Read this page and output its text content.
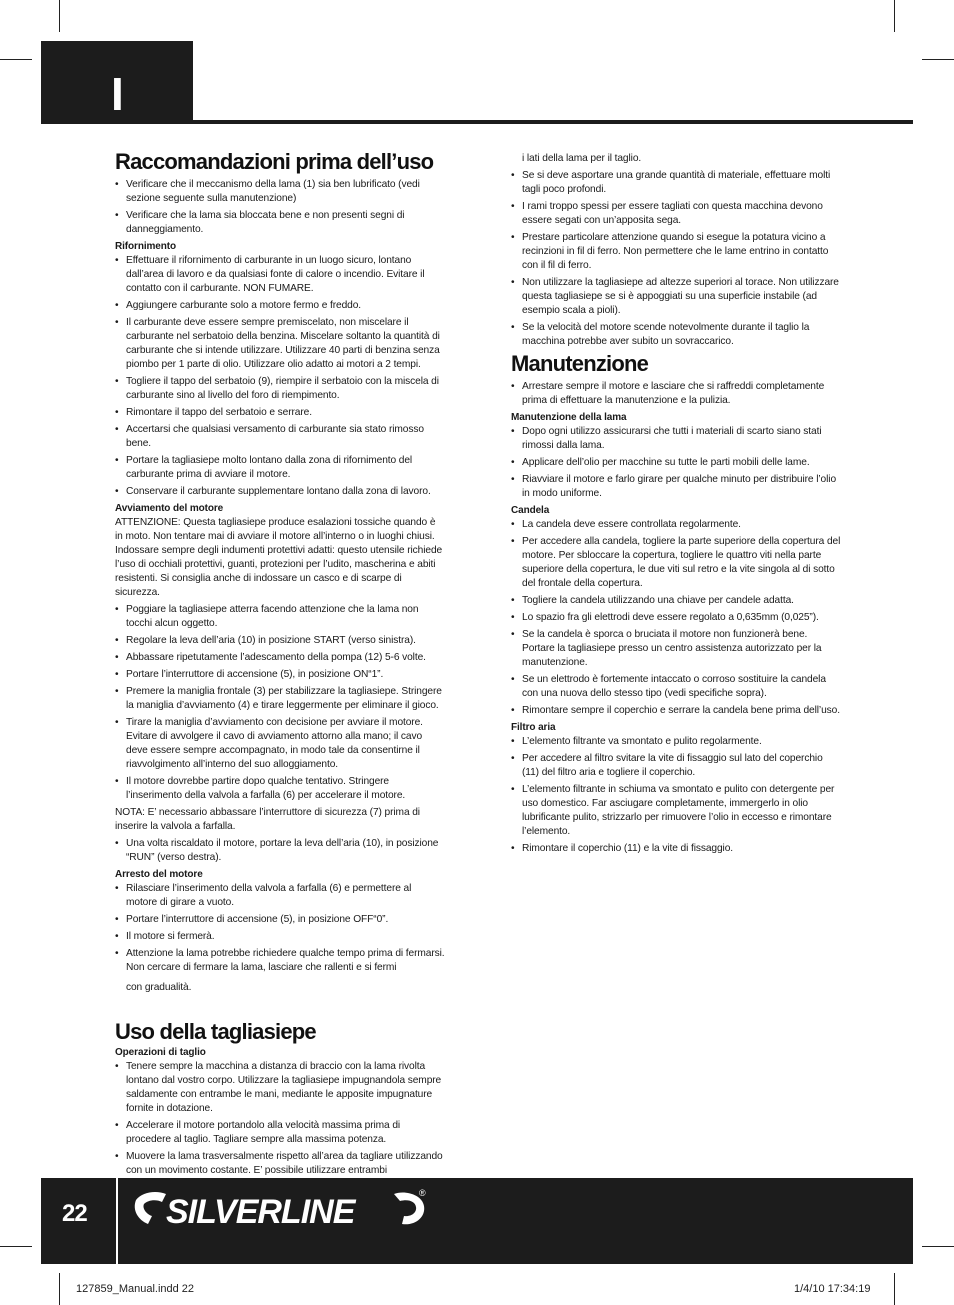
I
Raccomandazioni prima dell’uso
• Verificare che il meccanismo della lama (1) sia ben lubrificato (vedi sezione seguente sulla manutenzione)
• Verificare che la lama sia bloccata bene e non presenti segni di danneggiamento.
Rifornimento
• Effettuare il rifornimento di carburante in un luogo sicuro, lontano dall’area di lavoro e da qualsiasi fonte di calore o incendio. Evitare il contatto con il carburante. NON FUMARE.
• Aggiungere carburante solo a motore fermo e freddo.
• Il carburante deve essere sempre premiscelato, non miscelare il carburante nel serbatoio della benzina. Miscelare soltanto la quantità di carburante che si intende utilizzare. Utilizzare 40 parti di benzina senza piombo per 1 parte di olio. Utilizzare olio adatto ai motori a 2 tempi.
• Togliere il tappo del serbatoio (9), riempire il serbatoio con la miscela di carburante sino al livello del foro di riempimento.
• Rimontare il tappo del serbatoio e serrare.
• Accertarsi che qualsiasi versamento di carburante sia stato rimosso bene.
• Portare la tagliasiepe molto lontano dalla zona di rifornimento del carburante prima di avviare il motore.
• Conservare il carburante supplementare lontano dalla zona di lavoro.
Avviamento del motore

ATTENZIONE: Questa tagliasiepe produce esalazioni tossiche quando è in moto. Non tentare mai di avviare il motore all’interno o in luoghi chiusi. Indossare sempre degli indumenti protettivi adatti: questo utensile richiede l’uso di occhiali protettivi, guanti, protezioni per l’udito, mascherina e abiti resistenti. Si consiglia anche di indossare un casco e di scarpe di sicurezza.

• Poggiare la tagliasiepe atterra facendo attenzione che la lama non tocchi alcun oggetto.
• Regolare la leva dell’aria (10) in posizione START (verso sinistra).
• Abbassare ripetutamente l’adescamento della pompa (12) 5-6 volte.
• Portare l’interruttore di accensione (5), in posizione ON“1”.
• Premere la maniglia frontale (3) per stabilizzare la tagliasiepe. Stringere la maniglia d’avviamento (4) e tirare leggermente per eliminare il gioco.
• Tirare la maniglia d’avviamento con decisione per avviare il motore. Evitare di avvolgere il cavo di avviamento attorno alla mano; il cavo deve essere sempre accompagnato, in modo tale da consentirne il riavvolgimento all’interno del suo alloggiamento.
• Il motore dovrebbe partire dopo qualche tentativo. Stringere l’inserimento della valvola a farfalla (6) per accelerare il motore.

NOTA: E’ necessario abbassare l’interruttore di sicurezza (7) prima di inserire la valvola a farfalla.

• Una volta riscaldato il motore, portare la leva dell’aria (10), in posizione “RUN” (verso destra).
Arresto del motore
• Rilasciare l’inserimento della valvola a farfalla (6) e permettere al motore di girare a vuoto.
• Portare l’interruttore di accensione (5), in posizione OFF“0”.
• Il motore si fermerà.
• Attenzione la lama potrebbe richiedere qualche tempo prima di fermarsi. Non cercare di fermare la lama, lasciare che rallenti e si fermi
con gradualità.
Uso della tagliasiepe
Operazioni di taglio
• Tenere sempre la macchina a distanza di braccio con la lama rivolta lontano dal vostro corpo. Utilizzare la tagliasiepe impugnandola sempre saldamente con entrambe le mani, mediante le apposite impugnature fornite in dotazione.
• Accelerare il motore portandolo alla velocità massima prima di procedere al taglio. Tagliare sempre alla massima potenza.
• Muovere la lama trasversalmente rispetto all’area da tagliare utilizzando con un movimento costante. E’ possibile utilizzare entrambi
i lati della lama per il taglio.
• Se si deve asportare una grande quantità di materiale, effettuare molti tagli poco profondi.
• I rami troppo spessi per essere tagliati con questa macchina devono essere segati con un’apposita sega.
• Prestare particolare attenzione quando si esegue la potatura vicino a recinzioni in fil di ferro. Non permettere che le lame entrino in contatto con il fil di ferro.
• Non utilizzare la tagliasiepe ad altezze superiori al torace. Non utilizzare questa tagliasiepe se si è appoggiati su una superficie instabile (ad esempio scala a pioli).
• Se la velocità del motore scende notevolmente durante il taglio la macchina potrebbe aver subito un sovraccarico.
Manutenzione
• Arrestare sempre il motore e lasciare che si raffreddi completamente prima di effettuare la manutenzione e la pulizia.
Manutenzione della lama
• Dopo ogni utilizzo assicurarsi che tutti i materiali di scarto siano stati rimossi dalla lama.
• Applicare dell’olio per macchine su tutte le parti mobili delle lame.
• Riavviare il motore e farlo girare per qualche minuto per distribuire l’olio in modo uniforme.
Candela
• La candela deve essere controllata regolarmente.
• Per accedere alla candela, togliere la parte superiore della copertura del motore. Per sbloccare la copertura, togliere le quattro viti nella parte superiore della copertura, le due viti sul retro e la vite singola al di sotto del frontale della copertura.
• Togliere la candela utilizzando una chiave per candele adatta.
• Lo spazio fra gli elettrodi deve essere regolato a 0,635mm (0,025”).
• Se la candela è sporca o bruciata il motore non funzionerà bene. Portare la tagliasiepe presso un centro assistenza autorizzato per la manutenzione.
• Se un elettrodo è fortemente intaccato o corroso sostituire la candela con una nuova dello stesso tipo (vedi specifiche sopra).
• Rimontare sempre il coperchio e serrare la candela bene prima dell’uso.
Filtro aria
• L’elemento filtrante va smontato e pulito regolarmente.
• Per accedere al filtro svitare la vite di fissaggio sul lato del coperchio (11) del filtro aria e togliere il coperchio.
• L’elemento filtrante in schiuma va smontato e pulito con detergente per uso domestico. Far asciugare completamente, immergerlo in olio lubrificante pulito, strizzarlo per rimuovere l’olio in eccesso e rimontare l’elemento.
• Rimontare il coperchio (11) e la vite di fissaggio.
22 SILVERLINE	®
127859_Manual.indd 22	1/4/10 17:34:19
